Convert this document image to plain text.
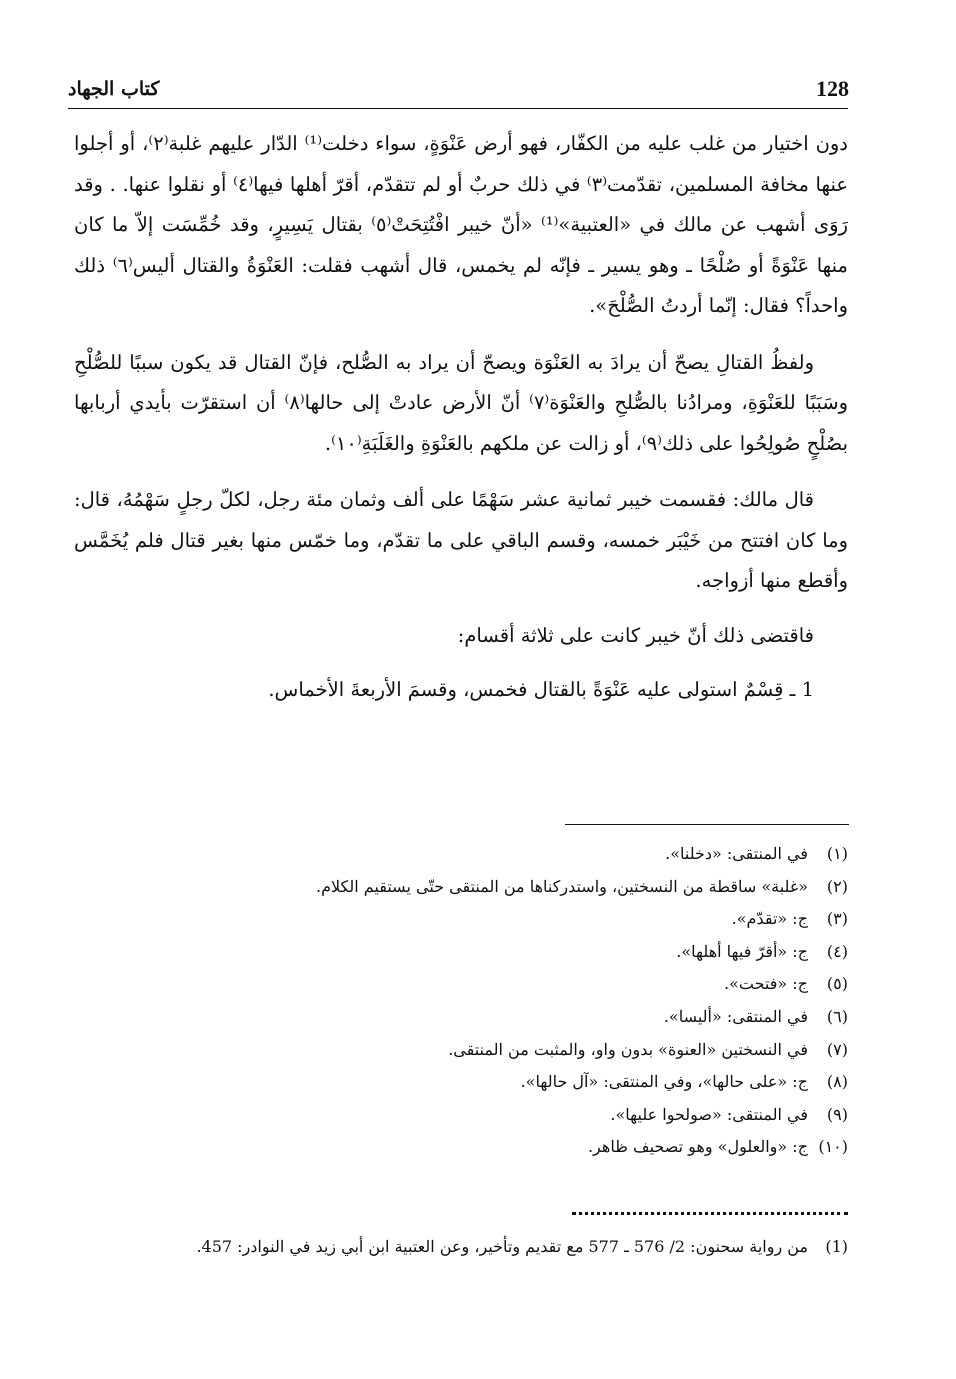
128
كتاب الجهاد

دون اختيار من غلب عليه من الكفّار، فهو أرض عَنْوَةٍ، سواء دخلت⁽¹⁾ الدّار عليهم غلبة⁽٢⁾، أو أجلوا عنها مخافة المسلمين، تقدّمت⁽٣⁾ في ذلك حربٌ أو لم تتقدّم، أقرّ أهلها فيها⁽٤⁾ أو نقلوا عنها. . وقد رَوَى أشهب عن مالك في «العتبية»⁽¹⁾ «أنّ خيبر افْتُتِحَتْ⁽٥⁾ بقتال يَسِيرٍ، وقد خُمِّسَت إلاّ ما كان منها عَنْوَةً أو صُلْحًا ـ وهو يسير ـ فإنّه لم يخمس، قال أشهب فقلت: العَنْوَةُ والقتال أليس⁽٦⁾ ذلك واحداً؟ فقال: إنّما أردتُ الصُّلْحَ».

ولفظُ القتالِ يصحّ أن يرادَ به العَنْوَة ويصحّ أن يراد به الصُّلح، فإنّ القتال قد يكون سببًا للصُّلْحِ وسَبَبًا للعَنْوَةِ، ومرادُنا بالصُّلحِ والعَنْوَة⁽٧⁾ أنّ الأرض عادتْ إلى حالها⁽٨⁾ أن استقرّت بأيدي أربابها بصُلْحٍ صُولِحُوا على ذلك⁽٩⁾، أو زالت عن ملكهم بالعَنْوَةِ والغَلَبَةِ⁽١٠⁾.

قال مالك: فقسمت خيبر ثمانية عشر سَهْمًا على ألف وثمان مئة رجل، لكلّ رجلٍ سَهْمُهُ، قال: وما كان افتتح من خَيْبَر خمسه، وقسم الباقي على ما تقدّم، وما خمّس منها بغير قتال فلم يُخَمَّس وأقطع منها أزواجه.

فاقتضى ذلك أنّ خيبر كانت على ثلاثة أقسام:

1 ـ قِسْمٌ استولى عليه عَنْوَةً بالقتال فخمس، وقسمَ الأربعةَ الأخماس.

(١)
في المنتقى: «دخلنا».
(٢)
«غلبة» ساقطة من النسختين، واستدركناها من المنتقى حتّى يستقيم الكلام.
(٣)
ج: «تقدّم».
(٤)
ج: «أقرّ فيها أهلها».
(٥)
ج: «فتحت».
(٦)
في المنتقى: «أليسا».
(٧)
في النسختين «العنوة» بدون واو، والمثبت من المنتقى.
(٨)
ج: «على حالها»، وفي المنتقى: «آل حالها».
(٩)
في المنتقى: «صولحوا عليها».
(١٠)
ج: «والعلول» وهو تصحيف ظاهر.
(1)
من رواية سحنون: 2/ 576 ـ 577 مع تقديم وتأخير، وعن العتبية ابن أبي زيد في النوادر: 457.
